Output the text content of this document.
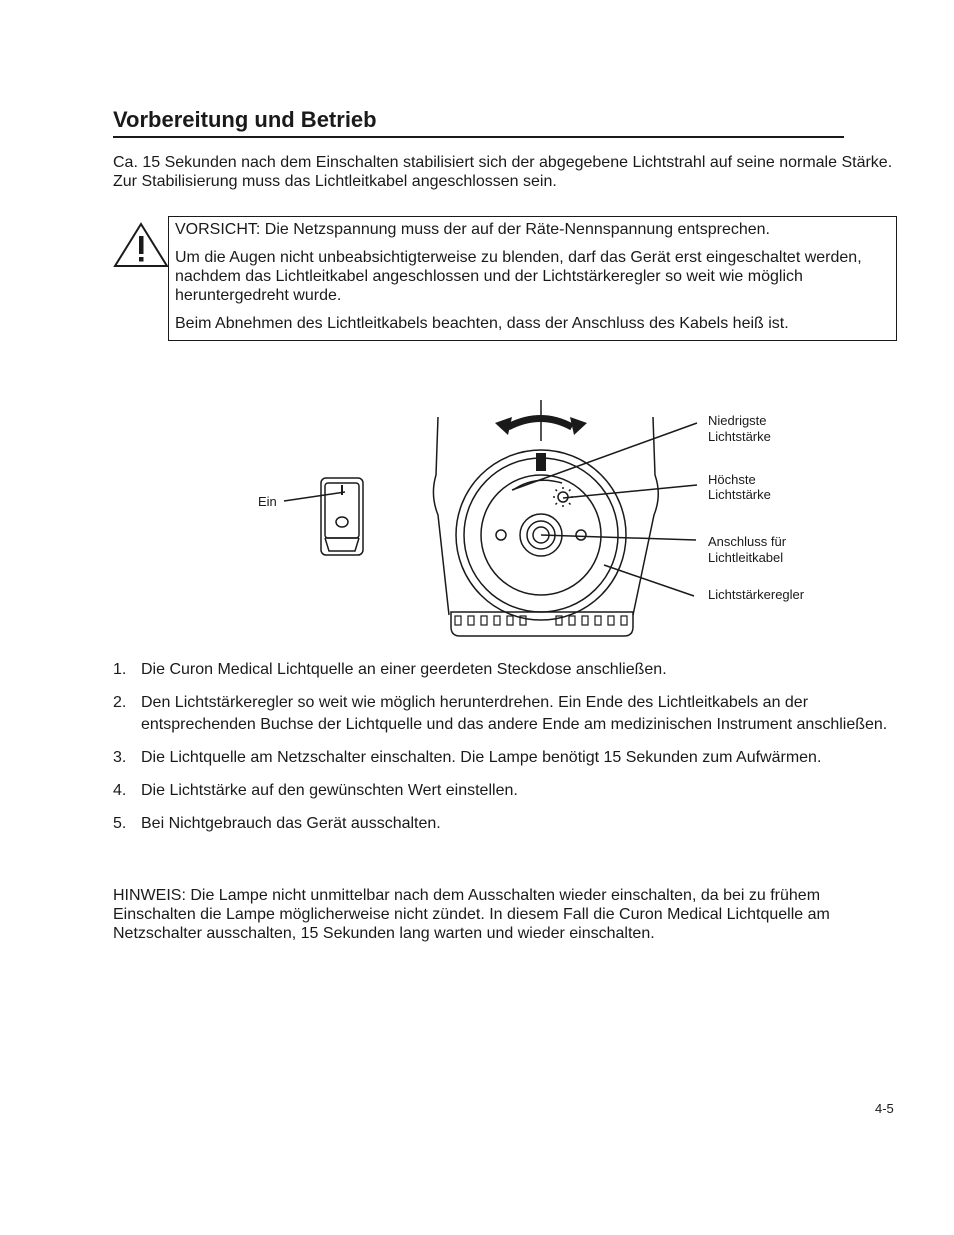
Vorbereitung und Betrieb

Ca. 15 Sekunden nach dem Einschalten stabilisiert sich der abgegebene Lichtstrahl auf seine normale Stärke. Zur Stabilisierung muss das Lichtleitkabel angeschlossen sein.

VORSICHT: Die Netzspannung muss der auf der Räte-Nennspannung entsprechen.

Um die Augen nicht unbeabsichtigterweise zu blenden, darf das Gerät erst eingeschaltet werden, nachdem das Lichtleitkabel angeschlossen und der Lichtstärkeregler so weit wie möglich heruntergedreht wurde.

Beim Abnehmen des Lichtleitkabels beachten, dass der Anschluss des Kabels heiß ist.

Ein
Niedrigste
Lichtstärke
Höchste
Lichtstärke
Anschluss für
Lichtleitkabel
Lichtstärkeregler
1. Die Curon Medical Lichtquelle an einer geerdeten Steckdose anschließen.
2. Den Lichtstärkeregler so weit wie möglich herunterdrehen. Ein Ende des Lichtleitkabels an der entsprechenden Buchse der Lichtquelle und das andere Ende am medizinischen Instrument anschließen.
3. Die Lichtquelle am Netzschalter einschalten. Die Lampe benötigt 15 Sekunden zum Aufwärmen.
4. Die Lichtstärke auf den gewünschten Wert einstellen.
5. Bei Nichtgebrauch das Gerät ausschalten.

HINWEIS: Die Lampe nicht unmittelbar nach dem Ausschalten wieder einschalten, da bei zu frühem Einschalten die Lampe möglicherweise nicht zündet. In diesem Fall die Curon Medical Lichtquelle am Netzschalter ausschalten, 15 Sekunden lang warten und wieder einschalten.

4-5
